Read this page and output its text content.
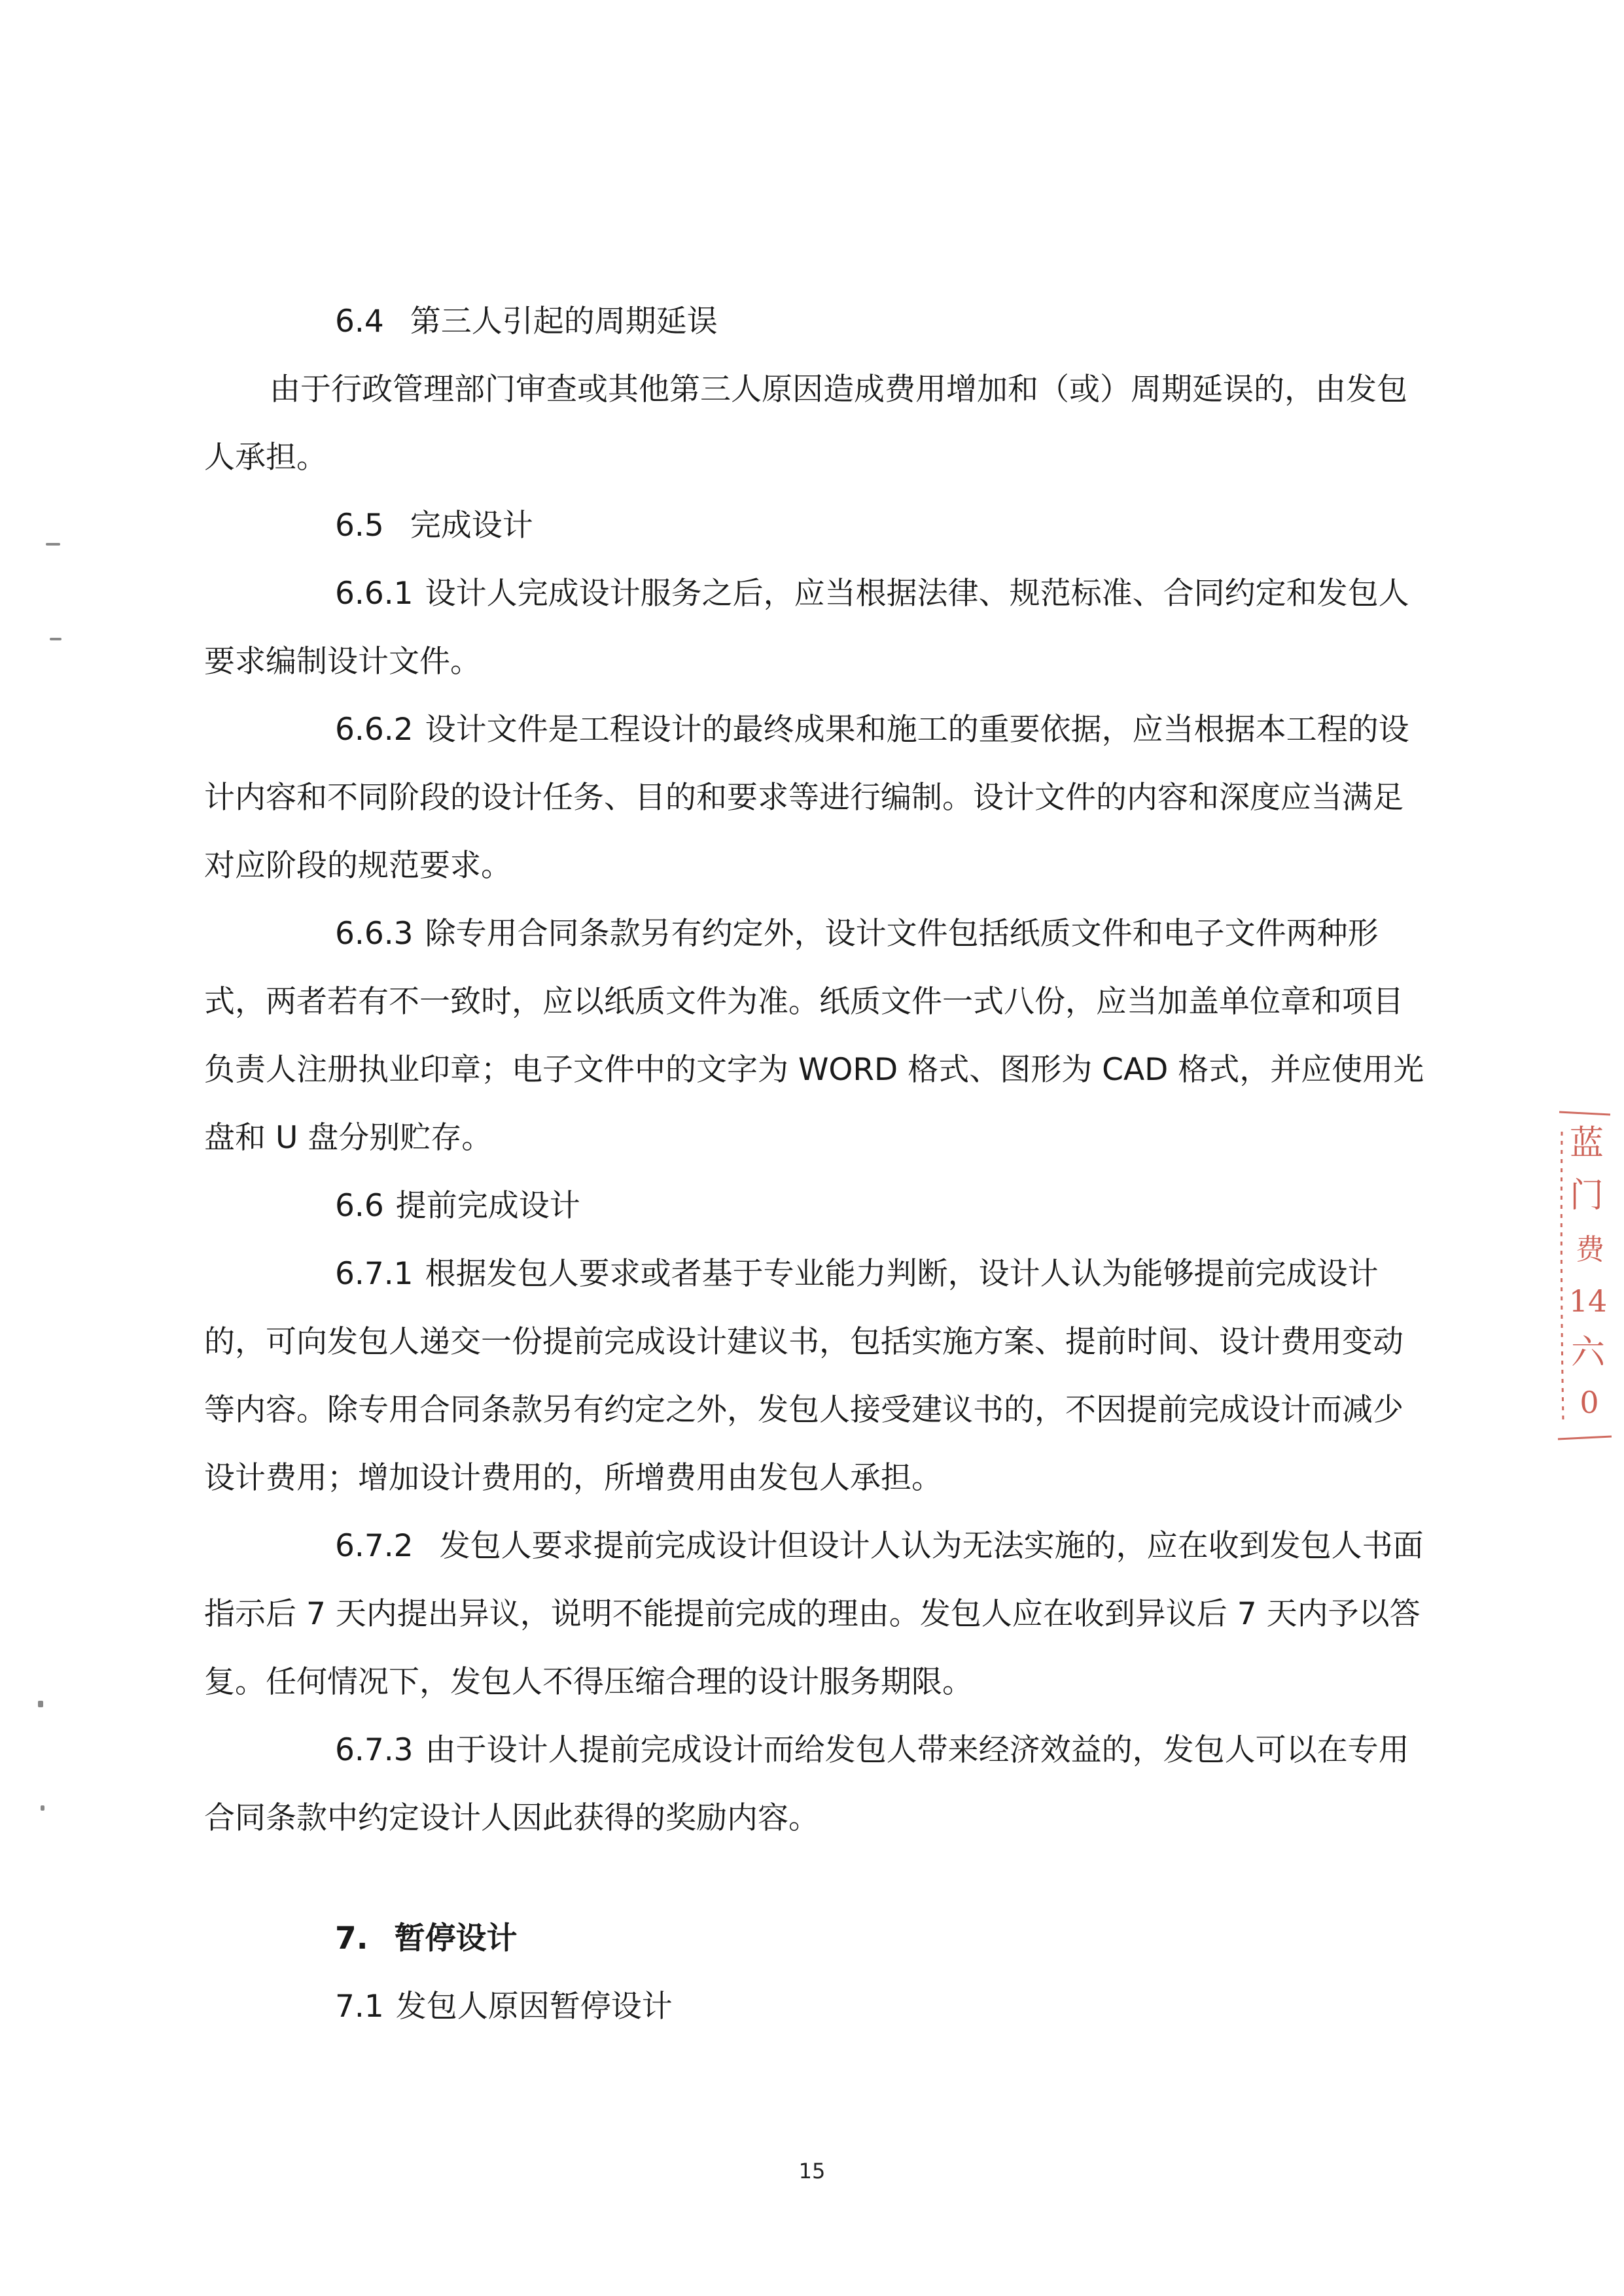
6.4 第三人引起的周期延误

由于行政管理部门审查或其他第三人原因造成费用增加和（或）周期延误的，由发包人承担。

6.5 完成设计

6.6.1 设计人完成设计服务之后，应当根据法律、规范标准、合同约定和发包人要求编制设计文件。

6.6.2 设计文件是工程设计的最终成果和施工的重要依据，应当根据本工程的设计内容和不同阶段的设计任务、目的和要求等进行编制。设计文件的内容和深度应当满足对应阶段的规范要求。

6.6.3 除专用合同条款另有约定外，设计文件包括纸质文件和电子文件两种形式，两者若有不一致时，应以纸质文件为准。纸质文件一式八份，应当加盖单位章和项目负责人注册执业印章；电子文件中的文字为 WORD 格式、图形为 CAD 格式，并应使用光盘和 U 盘分别贮存。

6.6 提前完成设计

6.7.1 根据发包人要求或者基于专业能力判断，设计人认为能够提前完成设计的，可向发包人递交一份提前完成设计建议书，包括实施方案、提前时间、设计费用变动等内容。除专用合同条款另有约定之外，发包人接受建议书的，不因提前完成设计而减少设计费用；增加设计费用的，所增费用由发包人承担。

6.7.2 发包人要求提前完成设计但设计人认为无法实施的，应在收到发包人书面指示后 7 天内提出异议，说明不能提前完成的理由。发包人应在收到异议后 7 天内予以答复。任何情况下，发包人不得压缩合理的设计服务期限。

6.7.3 由于设计人提前完成设计而给发包人带来经济效益的，发包人可以在专用合同条款中约定设计人因此获得的奖励内容。

7. 暂停设计

7.1 发包人原因暂停设计

蓝
门
费
14
六
0
15
